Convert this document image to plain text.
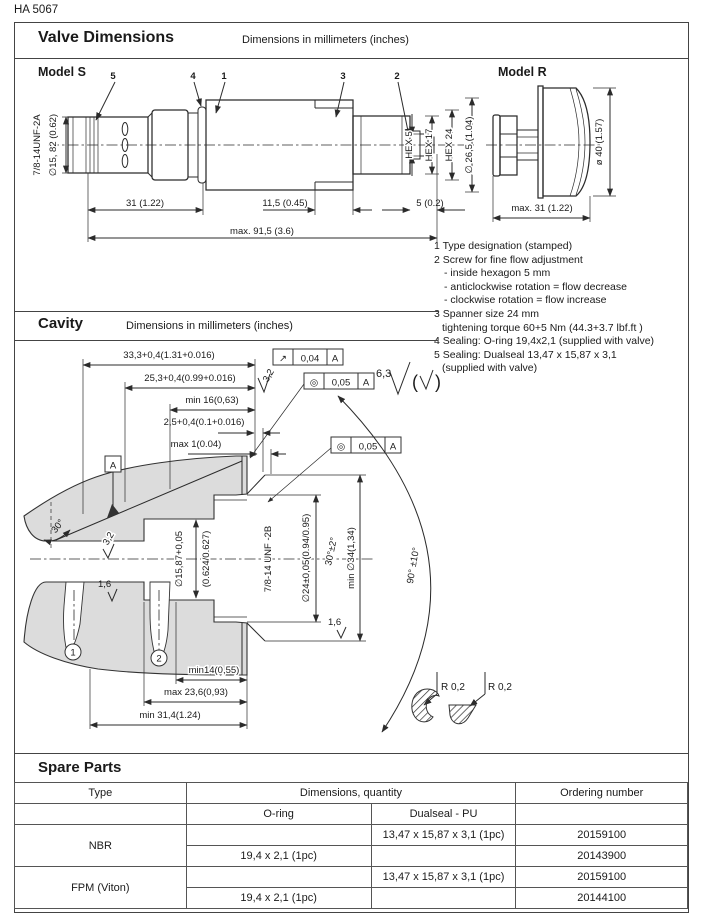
HA 5067
Valve Dimensions	Dimensions in millimeters (inches)
Model S	5	4	1	3	2
∅15, 82 (0.62)
7/8-14UNF-2A	HEX 5 HEX 17 HEX 24 ∅ 26,5 (1.04)
31 (1.22)	11,5 (0.45)	5 (0.2)
max. 91,5 (3.6)
Model R
ø 40 (1.57)
max. 31 (1.22)
1 Type designation (stamped)
2 Screw for fine flow adjustment
- inside hexagon 5 mm
- anticlockwise rotation = flow decrease
- clockwise rotation = flow increase
3 Spanner size 24 mm
tightening torque 60+5 Nm (44.3+3.7 lbf.ft )
4 Sealing: O-ring 19,4x2,1 (supplied with valve)
5 Sealing: Dualseal 13,47 x 15,87 x 3,1
(supplied with valve)
Cavity	Dimensions in millimeters (inches)
33,3+0,4(1.31+0.016)
25,3+0,4(0.99+0.016)	3,2
min 16(0,63)
2,5+0,4(0.1+0.016)
max 1(0.04)
↗ 0,04 A
◎ 0,05 A
◎ 0,05 A
6,3 ( )
A
30°
3,2
1,6
1,6
∅15,87+0,05 (0.624/0.627)	7/8-14 UNF -2B	∅24±0,05(0.94/0.95) 30°±2° min ∅34(1,34)	90° ±10°
min14(0,55)
max 23,6(0,93)
min 31,4(1.24)
1
2
R 0,2 R 0,2
Spare Parts
Type	Dimensions, quantity		Ordering number
	O-ring	Dualseal - PU	
NBR		13,47 x 15,87 x 3,1 (1pc)	20159100
	19,4 x 2,1 (1pc)		20143900
FPM (Viton)		13,47 x 15,87 x 3,1 (1pc)	20159100
	19,4 x 2,1 (1pc)		20144100
